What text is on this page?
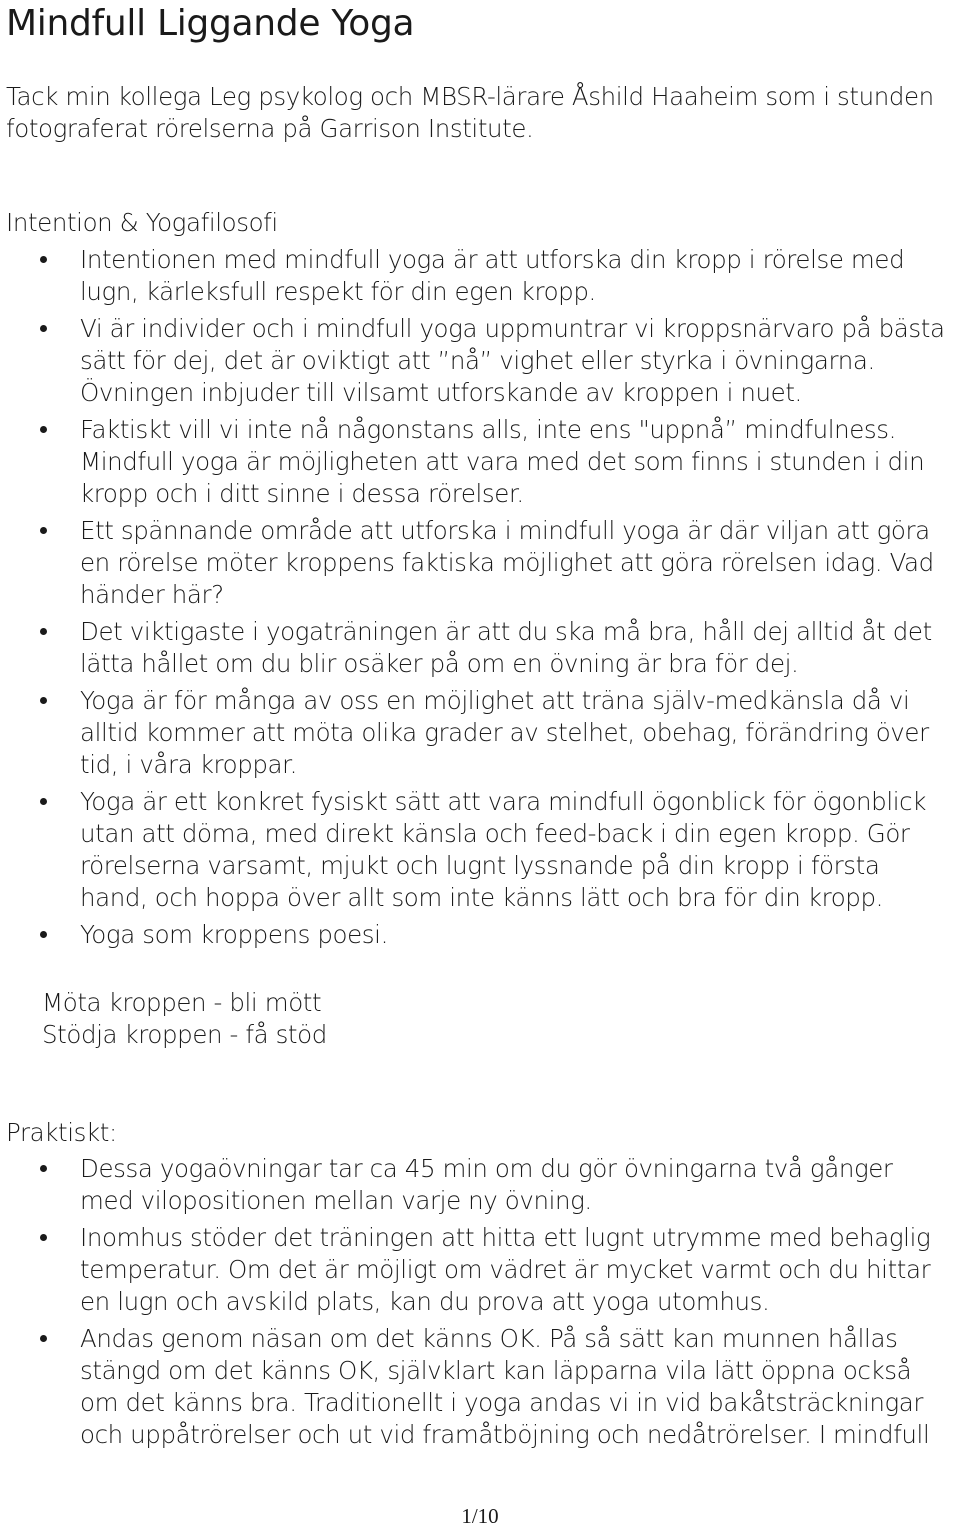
Mindfull Liggande Yoga

Tack min kollega Leg psykolog och MBSR-lärare Åshild Haaheim som i stunden fotograferat rörelserna på Garrison Institute.

Intention & Yogafilosofi

Intentionen med mindfull yoga är att utforska din kropp i rörelse med lugn, kärleksfull respekt för din egen kropp.
Vi är individer och i mindfull yoga uppmuntrar vi kroppsnärvaro på bästa sätt för dej, det är oviktigt att ”nå” vighet eller styrka i övningarna. Övningen inbjuder till vilsamt utforskande av kroppen i nuet.
Faktiskt vill vi inte nå någonstans alls, inte ens "uppnå” mindfulness. Mindfull yoga är möjligheten att vara med det som finns i stunden i din kropp och i ditt sinne i dessa rörelser.
Ett spännande område att utforska i mindfull yoga är där viljan att göra en rörelse möter kroppens faktiska möjlighet att göra rörelsen idag. Vad händer här?
Det viktigaste i yogaträningen är att du ska må bra, håll dej alltid åt det lätta hållet om du blir osäker på om en övning är bra för dej.
Yoga är för många av oss en möjlighet att träna själv-medkänsla då vi alltid kommer att möta olika grader av stelhet, obehag, förändring över tid, i våra kroppar.
Yoga är ett konkret fysiskt sätt att vara mindfull ögonblick för ögonblick utan att döma, med direkt känsla och feed-back i din egen kropp. Gör rörelserna varsamt, mjukt och lugnt lyssnande på din kropp i första hand, och hoppa över allt som inte känns lätt och bra för din kropp.
Yoga som kroppens poesi.

Möta kroppen - bli mött

Stödja kroppen - få stöd

Praktiskt:

Dessa yogaövningar tar ca 45 min om du gör övningarna två gånger med vilopositionen mellan varje ny övning.
Inomhus stöder det träningen att hitta ett lugnt utrymme med behaglig temperatur. Om det är möjligt om vädret är mycket varmt och du hittar en lugn och avskild plats, kan du prova att yoga utomhus.
Andas genom näsan om det känns OK. På så sätt kan munnen hållas stängd om det känns OK, självklart kan läpparna vila lätt öppna också om det känns bra. Traditionellt i yoga andas vi in vid bakåtsträckningar och uppåtrörelser och ut vid framåtböjning och nedåtrörelser. I mindfull
1/10
